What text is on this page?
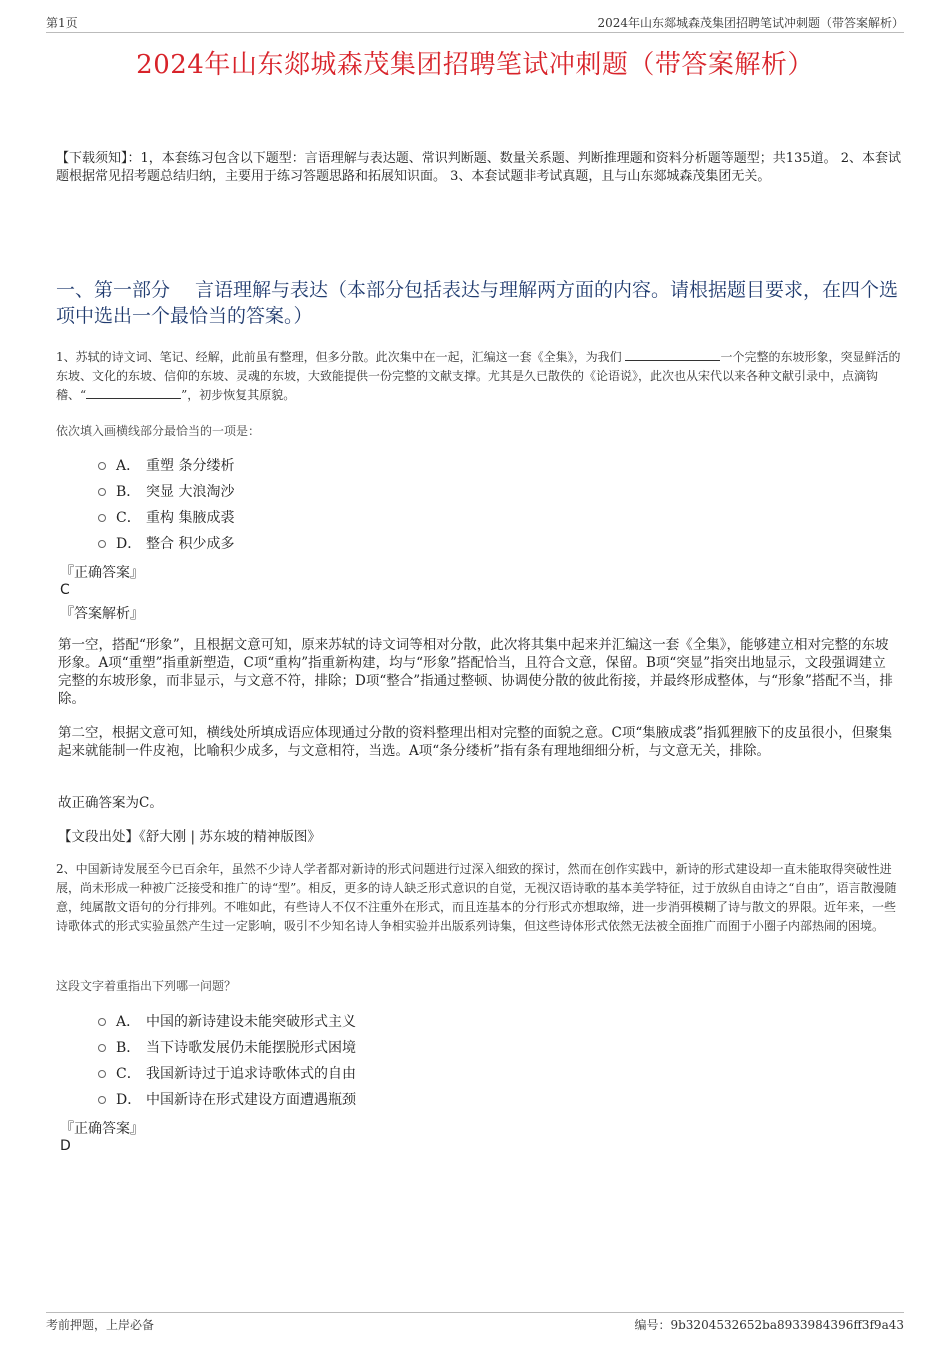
第1页	2024年山东郯城森茂集团招聘笔试冲刺题（带答案解析）
2024年山东郯城森茂集团招聘笔试冲刺题（带答案解析）
【下载须知】：1，本套练习包含以下题型：言语理解与表达题、常识判断题、数量关系题、判断推理题和资料分析题等题型；共135道。 2、本套试题根据常见招考题总结归纳，主要用于练习答题思路和拓展知识面。 3、本套试题非考试真题，且与山东郯城森茂集团无关。
一、第一部分　 言语理解与表达（本部分包括表达与理解两方面的内容。请根据题目要求，在四个选项中选出一个最恰当的答案。）
1、苏轼的诗文词、笔记、经解，此前虽有整理，但多分散。此次集中在一起，汇编这一套《全集》，为我们	一个完整的东坡形象，突显鲜活的东坡、文化的东坡、信仰的东坡、灵魂的东坡，大致能提供一份完整的文献支撑。尤其是久已散佚的《论语说》，此次也从宋代以来各种文献引录中，点滴钩稽、“	”，初步恢复其原貌。
依次填入画横线部分最恰当的一项是：
A． 重塑 条分缕析
B． 突显 大浪淘沙
C． 重构 集腋成裘
D． 整合 积少成多
『正确答案』
C
『答案解析』
第一空，搭配“形象”，且根据文意可知，原来苏轼的诗文词等相对分散，此次将其集中起来并汇编这一套《全集》，能够建立相对完整的东坡形象。A项“重塑”指重新塑造，C项“重构”指重新构建，均与“形象”搭配恰当，且符合文意，保留。B项“突显”指突出地显示，文段强调建立完整的东坡形象，而非显示，与文意不符，排除；D项“整合”指通过整顿、协调使分散的彼此衔接，并最终形成整体，与“形象”搭配不当，排除。
第二空，根据文意可知，横线处所填成语应体现通过分散的资料整理出相对完整的面貌之意。C项“集腋成裘”指狐狸腋下的皮虽很小，但聚集起来就能制一件皮袍，比喻积少成多，与文意相符，当选。A项“条分缕析”指有条有理地细细分析，与文意无关，排除。
故正确答案为C。
【文段出处】《舒大刚 | 苏东坡的精神版图》
2、中国新诗发展至今已百余年，虽然不少诗人学者都对新诗的形式问题进行过深入细致的探讨，然而在创作实践中，新诗的形式建设却一直未能取得突破性进展，尚未形成一种被广泛接受和推广的诗“型”。相反，更多的诗人缺乏形式意识的自觉，无视汉语诗歌的基本美学特征，过于放纵自由诗之“自由”，语言散漫随意，纯属散文语句的分行排列。不唯如此，有些诗人不仅不注重外在形式，而且连基本的分行形式亦想取缔，进一步消弭模糊了诗与散文的界限。近年来，一些诗歌体式的形式实验虽然产生过一定影响，吸引不少知名诗人争相实验并出版系列诗集，但这些诗体形式依然无法被全面推广而囿于小圈子内部热闹的困境。
这段文字着重指出下列哪一问题？
A． 中国的新诗建设未能突破形式主义
B． 当下诗歌发展仍未能摆脱形式困境
C． 我国新诗过于追求诗歌体式的自由
D． 中国新诗在形式建设方面遭遇瓶颈
『正确答案』
D
考前押题，上岸必备	编号：9b3204532652ba8933984396ff3f9a43
